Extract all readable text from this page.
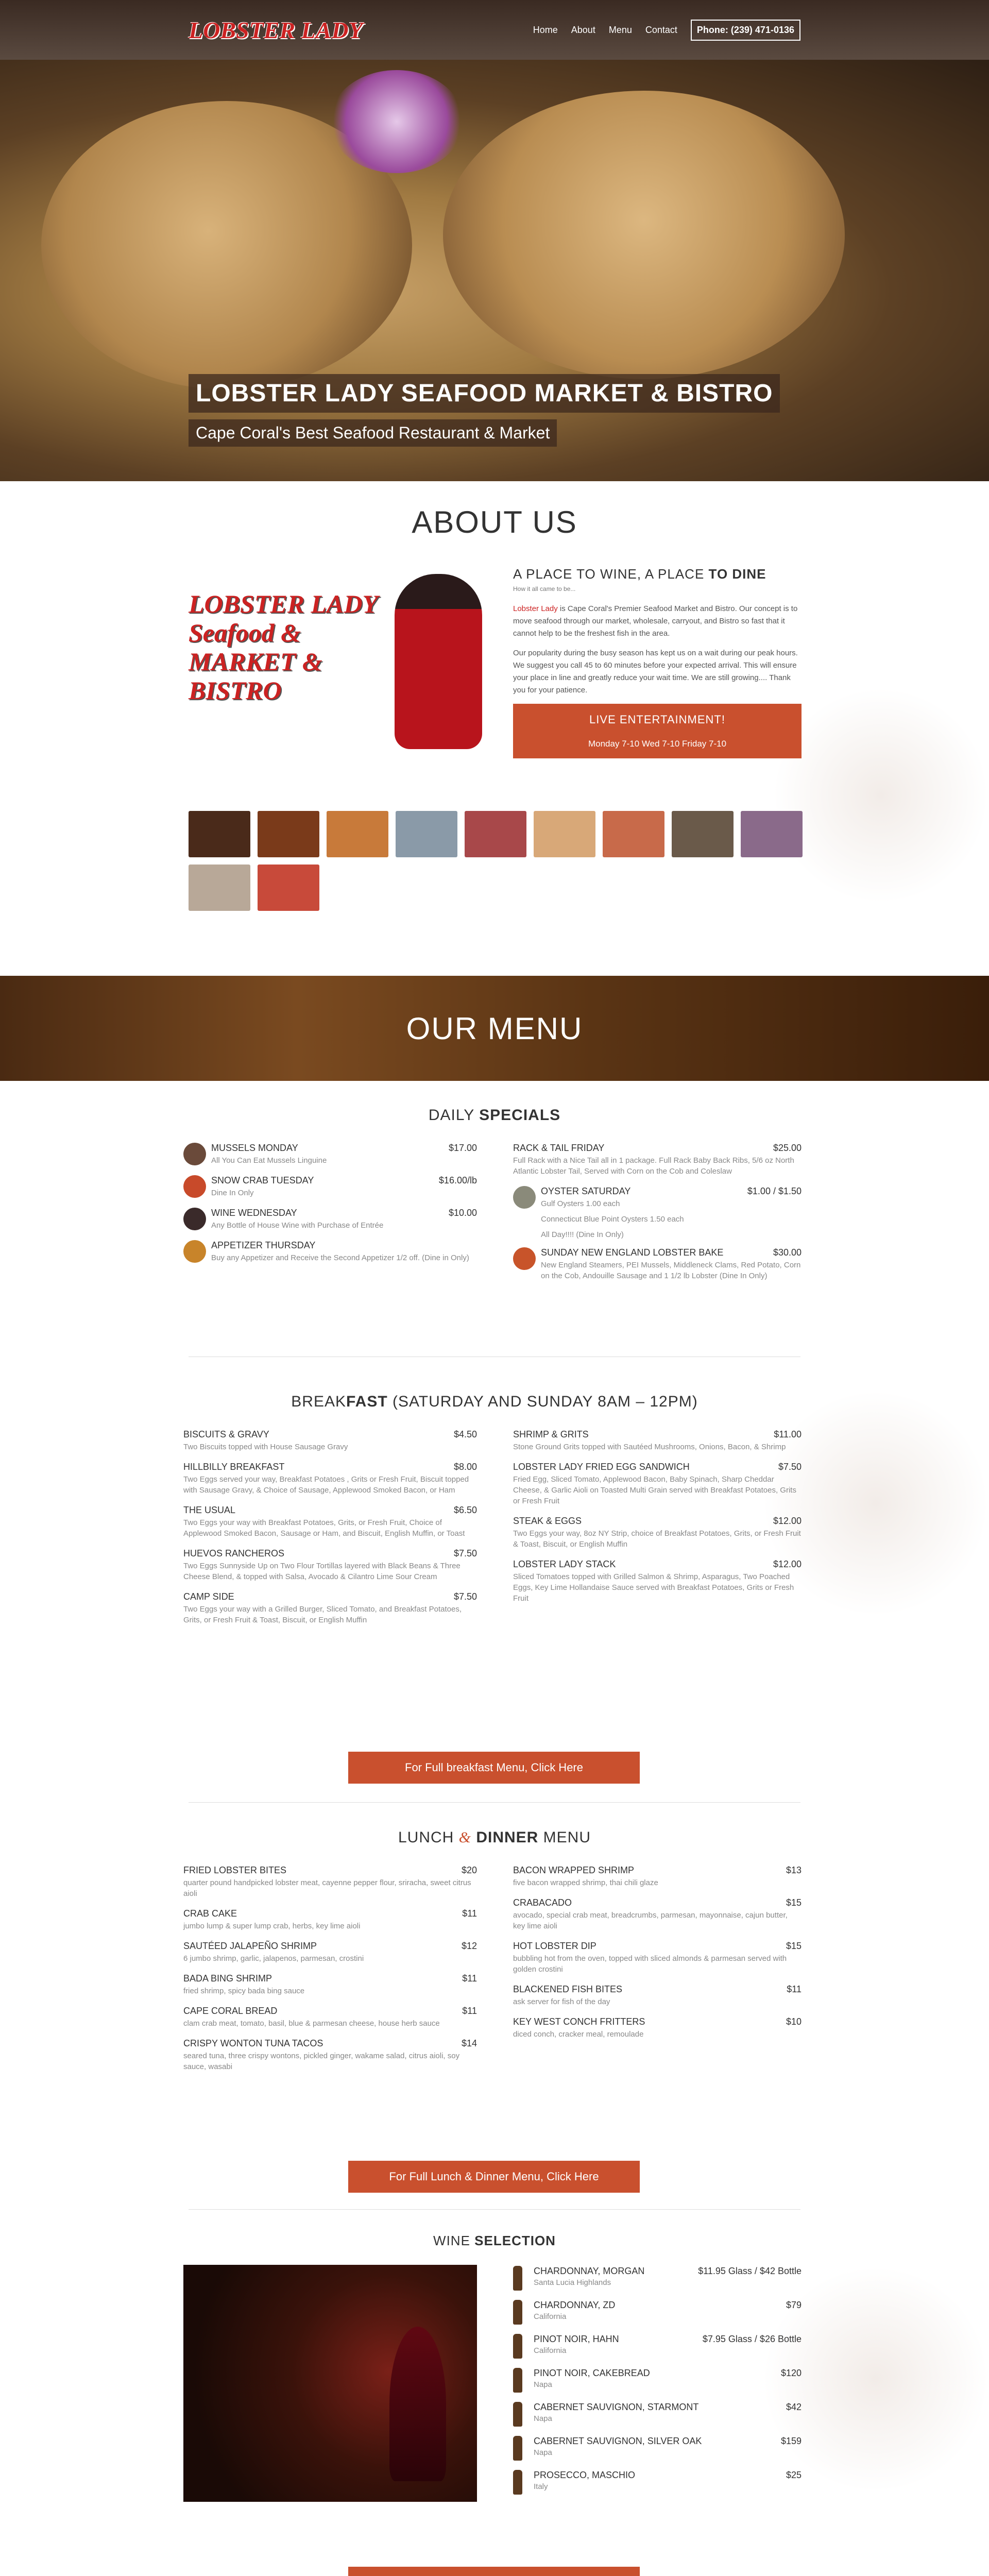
LOBSTER LADY	Home About Menu Contact	Phone: (239) 471-0136
LOBSTER LADY SEAFOOD MARKET & BISTRO
Cape Coral's Best Seafood Restaurant & Market
ABOUT US
LOBSTER LADY
Seafood &
MARKET &
BISTRO
A PLACE TO WINE, A PLACE TO DINE
How it all came to be...

Lobster Lady is Cape Coral's Premier Seafood Market and Bistro. Our concept is to move seafood through our market, wholesale, carryout, and Bistro so fast that it cannot help to be the freshest fish in the area.

Our popularity during the busy season has kept us on a wait during our peak hours. We suggest you call 45 to 60 minutes before your expected arrival. This will ensure your place in line and greatly reduce your wait time. We are still growing.... Thank you for your patience.

LIVE ENTERTAINMENT!
Monday 7-10 Wed 7-10 Friday 7-10
OUR MENU
DAILY SPECIALS
MUSSELS MONDAY	$17.00
All You Can Eat Mussels Linguine
SNOW CRAB TUESDAY	$16.00/lb
Dine In Only
WINE WEDNESDAY	$10.00
Any Bottle of House Wine with Purchase of Entrée
APPETIZER THURSDAY
Buy any Appetizer and Receive the Second Appetizer 1/2 off. (Dine in Only)
RACK & TAIL FRIDAY	$25.00
Full Rack with a Nice Tail all in 1 package. Full Rack Baby Back Ribs, 5/6 oz North Atlantic Lobster Tail, Served with Corn on the Cob and Coleslaw
OYSTER SATURDAY	$1.00 / $1.50
Gulf Oysters 1.00 each
Connecticut Blue Point Oysters 1.50 each
All Day!!!! (Dine In Only)
SUNDAY NEW ENGLAND LOBSTER BAKE	$30.00
New England Steamers, PEI Mussels, Middleneck Clams, Red Potato, Corn on the Cob, Andouille Sausage and 1 1/2 lb Lobster (Dine In Only)
BREAKFAST (SATURDAY AND SUNDAY 8AM – 12PM)
BISCUITS & GRAVY	$4.50
Two Biscuits topped with House Sausage Gravy
HILLBILLY BREAKFAST	$8.00
Two Eggs served your way, Breakfast Potatoes , Grits or Fresh Fruit, Biscuit topped with Sausage Gravy, & Choice of Sausage, Applewood Smoked Bacon, or Ham
THE USUAL	$6.50
Two Eggs your way with Breakfast Potatoes, Grits, or Fresh Fruit, Choice of Applewood Smoked Bacon, Sausage or Ham, and Biscuit, English Muffin, or Toast
HUEVOS RANCHEROS	$7.50
Two Eggs Sunnyside Up on Two Flour Tortillas layered with Black Beans & Three Cheese Blend, & topped with Salsa, Avocado & Cilantro Lime Sour Cream
CAMP SIDE	$7.50
Two Eggs your way with a Grilled Burger, Sliced Tomato, and Breakfast Potatoes, Grits, or Fresh Fruit & Toast, Biscuit, or English Muffin
SHRIMP & GRITS	$11.00
Stone Ground Grits topped with Sautéed Mushrooms, Onions, Bacon, & Shrimp
LOBSTER LADY FRIED EGG SANDWICH	$7.50
Fried Egg, Sliced Tomato, Applewood Bacon, Baby Spinach, Sharp Cheddar Cheese, & Garlic Aioli on Toasted Multi Grain served with Breakfast Potatoes, Grits or Fresh Fruit
STEAK & EGGS	$12.00
Two Eggs your way, 8oz NY Strip, choice of Breakfast Potatoes, Grits, or Fresh Fruit & Toast, Biscuit, or English Muffin
LOBSTER LADY STACK	$12.00
Sliced Tomatoes topped with Grilled Salmon & Shrimp, Asparagus, Two Poached Eggs, Key Lime Hollandaise Sauce served with Breakfast Potatoes, Grits or Fresh Fruit
For Full breakfast Menu, Click Here
LUNCH & DINNER MENU
FRIED LOBSTER BITES	$20
quarter pound handpicked lobster meat, cayenne pepper flour, sriracha, sweet citrus aioli
CRAB CAKE	$11
jumbo lump & super lump crab, herbs, key lime aioli
SAUTÉED JALAPEÑO SHRIMP	$12
6 jumbo shrimp, garlic, jalapenos, parmesan, crostini
BADA BING SHRIMP	$11
fried shrimp, spicy bada bing sauce
CAPE CORAL BREAD	$11
clam crab meat, tomato, basil, blue & parmesan cheese, house herb sauce
CRISPY WONTON TUNA TACOS	$14
seared tuna, three crispy wontons, pickled ginger, wakame salad, citrus aioli, soy sauce, wasabi
BACON WRAPPED SHRIMP	$13
five bacon wrapped shrimp, thai chili glaze
CRABACADO	$15
avocado, special crab meat, breadcrumbs, parmesan, mayonnaise, cajun butter, key lime aioli
HOT LOBSTER DIP	$15
bubbling hot from the oven, topped with sliced almonds & parmesan served with golden crostini
BLACKENED FISH BITES	$11
ask server for fish of the day
KEY WEST CONCH FRITTERS	$10
diced conch, cracker meal, remoulade
For Full Lunch & Dinner Menu, Click Here
WINE SELECTION
CHARDONNAY, MORGAN	$11.95 Glass / $42 Bottle
Santa Lucia Highlands
CHARDONNAY, ZD	$79
California
PINOT NOIR, HAHN	$7.95 Glass / $26 Bottle
California
PINOT NOIR, CAKEBREAD	$120
Napa
CABERNET SAUVIGNON, STARMONT	$42
Napa
CABERNET SAUVIGNON, SILVER OAK	$159
Napa
PROSECCO, MASCHIO	$25
Italy
